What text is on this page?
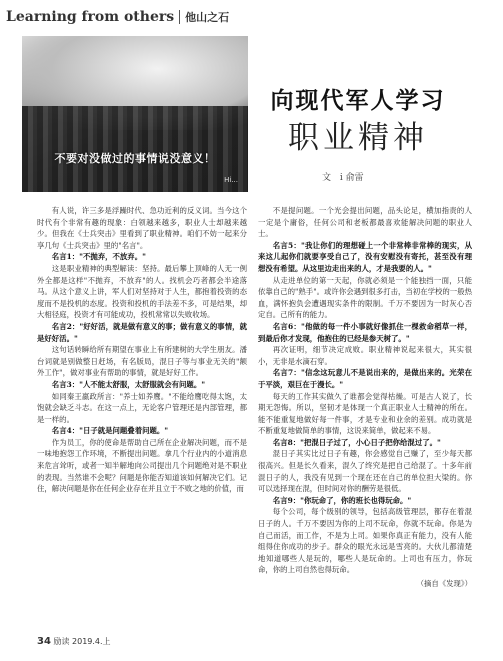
Learning from others 他山之石
不要对没做过的事情说没意义！
Hi...
向现代军人学习
职业精神
文 i 俞雷

有人说，许三多是浮躁时代、急功近利的反义词。当今这个时代有个非常有趣的现象：白领越来越多，职业人士却越来越少。但我在《士兵突击》里看到了职业精神。咱们不妨一起来分享几句《士兵突击》里的"名言"。

名言1："不抛弃，不放弃。"

这是职业精神的典型解读：坚持。最后攀上顶峰的人无一例外全都是这样"不抛弃，不放弃"的人。找机会巧者都会半途落马。从这个意义上讲，军人们对坚持对于人生，都抱着投资的态度而不是投机的态度。投资和投机的手法差不多，可是结果，却大相径庭，投资才有可能成功，投机常常以失败收场。

名言2："好好活，就是做有意义的事；做有意义的事情，就是好好活。"

这句话转瞬给所有期望在事业上有所建树的大学生朋友。潘台词就是别做整日赶场，有名版局，混日子等与事业无关的"额外工作"，做对事业有帮助的事情，就是好好工作。

名言3："人不能太舒服，太舒服就会有问题。"

如同秦王嬴政所言："养士如养鹰。"不能给鹰吃得太饱，太饱就会缺乏斗志。在这一点上，无论客户管理还是内部管理，都是一样的。

名言4："日子就是问题叠着问题。"

作为员工，你的使命是帮助自己所在企业解决问题，而不是一味地抱怨工作环境，不断提出问题。拿几个行业内的小道消息来危言耸听，或者一知半解地向公司提出几个问题绝对是不职业的表现。当然谁不会呢？问题是你能否知道该如何解决它们。记住，解决问题是你在任何企业存在并且立于不败之地的价值，而

不是提问题。一个光会提出问题，品头论足，横加指责的人一定是个庸俗，任何公司和老板都最喜欢能解决问题的职业人士。

名言5："我让你们的理想碰上一个非常棒非常棒的现实，从来这儿起你们就要享受自己了，没有安慰没有寄托，甚至没有理想没有希望。从这里边走出来的人，才是我要的人。"

从走进单位的第一天起，你就必须是一个能独挡一面，只能依靠自己的"熟手"。或许你会遇到很多打击，当初在学校的一般热血，满怀抱负会遭遇现实条件的限制。千万不要因为一时灰心否定自。己所有的能力。

名言6："他做的每一件小事就好像抓住一棵救命稻草一样，到最后你才发现，他抱住的已经是参天树了。"

再次证明，细节决定成败。职业精神说起来很大，其实很小，无非是水滴石穿。

名言7："信念这玩意儿不是说出来的，是做出来的。光荣在于平淡，艰巨在于漫长。"

每天的工作其实做久了谁都会觉得枯燥。可是古人说了，长期无怨悔。所以，坚韧才是体现一个真正职业人士精神的所在。能不能重复地做好每一件事，才是专业和业余的差别。成功就是不断重复地做简单的事情，这说来简单，做起来不易。

名言8："把混日子过了，小心日子把你给混过了。"

混日子其实比过日子有趣，你会感觉自己赚了，至少每天都很高兴。但是长久看来，混久了终究是把自己给混了。十多年前混日子的人，我没有见到一个现在还在自己的单位担大梁的。你可以选择现在混，但时间对你的酬劳是很低。

名言9："你玩命了，你的班长也得玩命。"

每个公司，每个级别的领导，包括高级管理层，都存在着混日子的人。千万不要因为你的上司不玩命，你就不玩命。你是为自己而活，而工作，不是为上司。如果你真正有能力，没有人能组得住你成功的步子。群众的眼光永远是雪亮的。大伙儿都清楚地知道哪些人是玩的，哪些人是玩命的。上司也有压力，你玩命，你的上司自然也得玩命。

（摘自《发现》）

34 励读 2019.4.上
